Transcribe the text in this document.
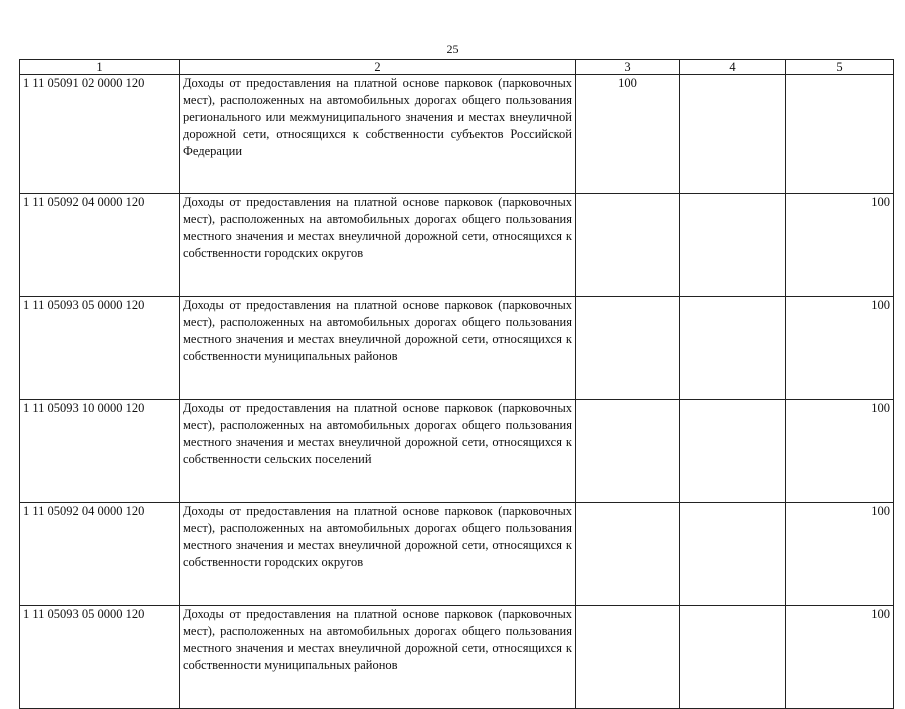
25
1	2	3	4	5
1 11 05091 02 0000 120	Доходы от предоставления на платной основе парковок (парковочных мест), расположенных на автомобильных дорогах общего пользования регионального или межмуниципального значения и местах внеуличной дорожной сети, относящихся к собственности субъектов Российской Федерации	100		
1 11 05092 04 0000 120	Доходы от предоставления на платной основе парковок (парковочных мест), расположенных на автомобильных дорогах общего пользования местного значения и местах внеуличной дорожной сети, относящихся к собственности городских округов			100
1 11 05093 05 0000 120	Доходы от предоставления на платной основе парковок (парковочных мест), расположенных на автомобильных дорогах общего пользования местного значения и местах внеуличной дорожной сети, относящихся к собственности муниципальных районов			100
1 11 05093 10 0000 120	Доходы от предоставления на платной основе парковок (парковочных мест), расположенных на автомобильных дорогах общего пользования местного значения и местах внеуличной дорожной сети, относящихся к собственности сельских поселений			100
1 11 05092 04 0000 120	Доходы от предоставления на платной основе парковок (парковочных мест), расположенных на автомобильных дорогах общего пользования местного значения и местах внеуличной дорожной сети, относящихся к собственности городских округов			100
1 11 05093 05 0000 120	Доходы от предоставления на платной основе парковок (парковочных мест), расположенных на автомобильных дорогах общего пользования местного значения и местах внеуличной дорожной сети, относящихся к собственности муниципальных районов			100
